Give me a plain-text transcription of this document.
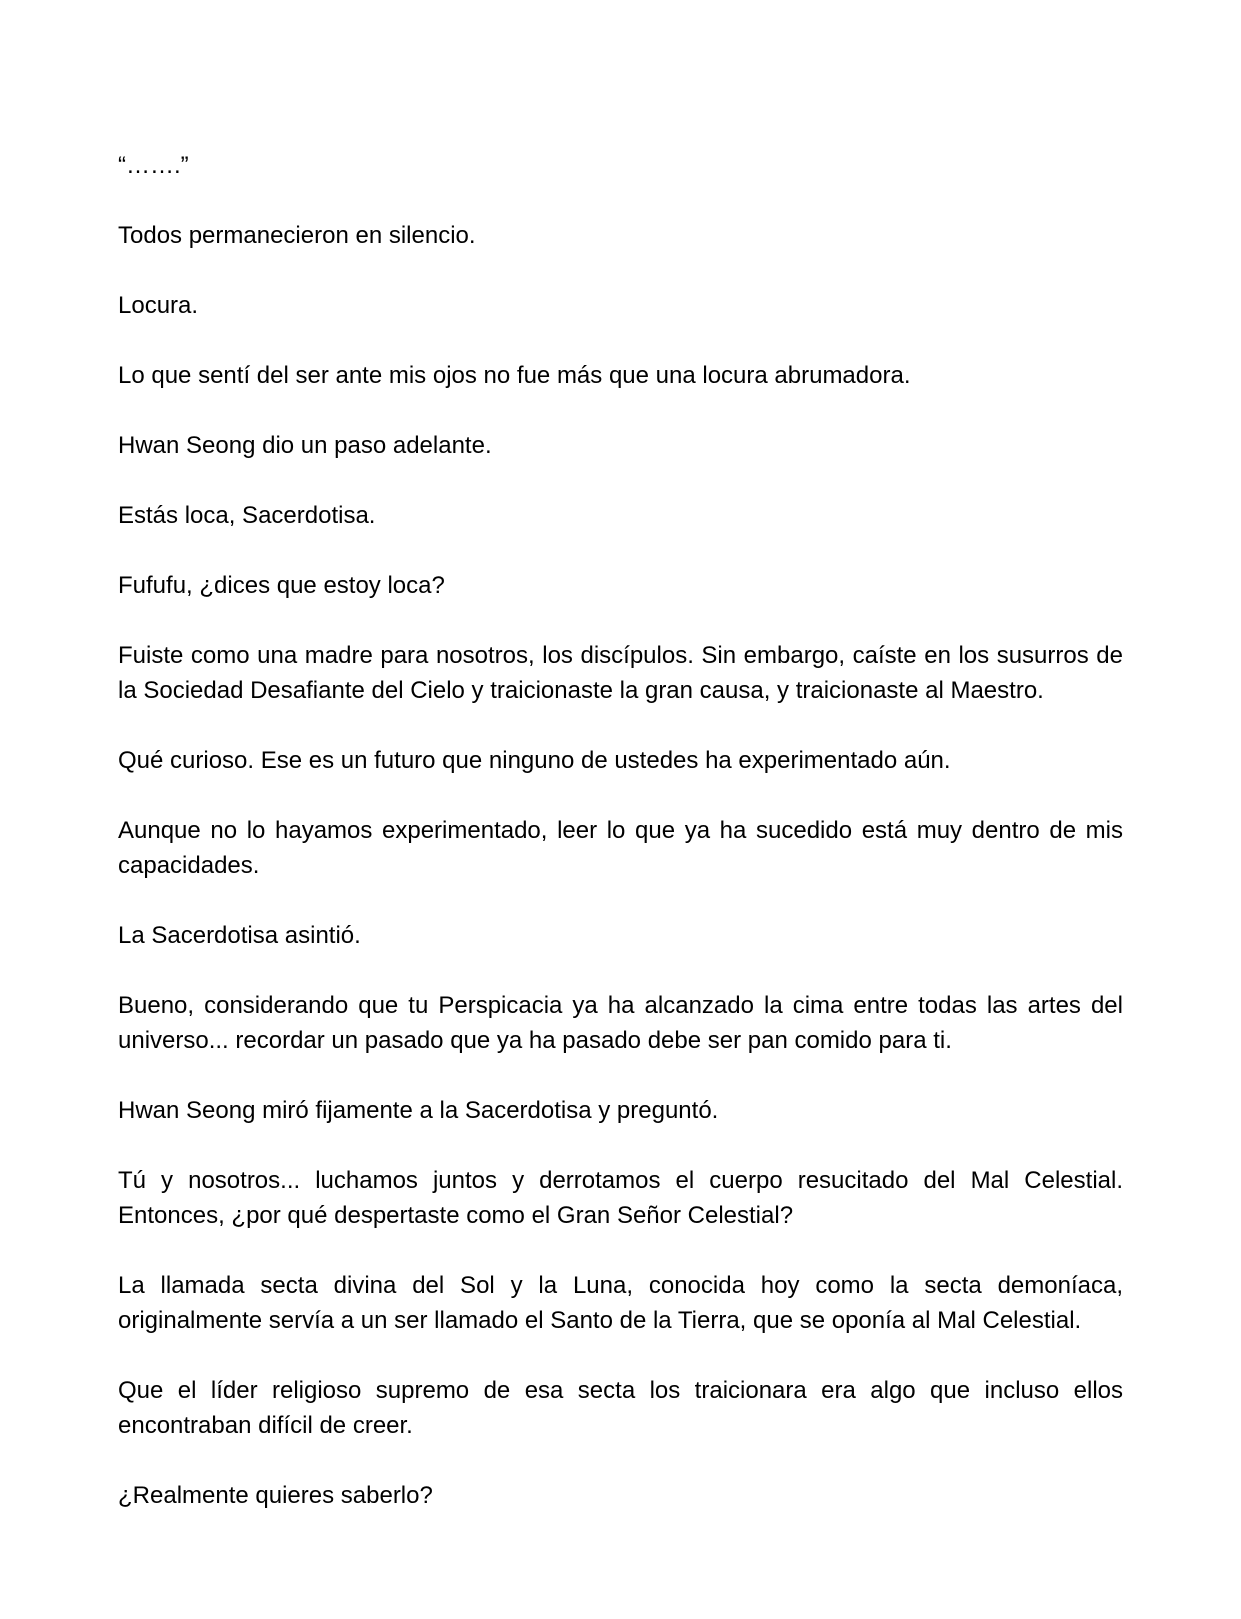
“…….”

Todos permanecieron en silencio.

Locura.

Lo que sentí del ser ante mis ojos no fue más que una locura abrumadora.

Hwan Seong dio un paso adelante.

Estás loca, Sacerdotisa.

Fufufu, ¿dices que estoy loca?

Fuiste como una madre para nosotros, los discípulos. Sin embargo, caíste en los susurros de la Sociedad Desafiante del Cielo y traicionaste la gran causa, y traicionaste al Maestro.

Qué curioso. Ese es un futuro que ninguno de ustedes ha experimentado aún.

Aunque no lo hayamos experimentado, leer lo que ya ha sucedido está muy dentro de mis capacidades.

La Sacerdotisa asintió.

Bueno, considerando que tu Perspicacia ya ha alcanzado la cima entre todas las artes del universo... recordar un pasado que ya ha pasado debe ser pan comido para ti.

Hwan Seong miró fijamente a la Sacerdotisa y preguntó.

Tú y nosotros... luchamos juntos y derrotamos el cuerpo resucitado del Mal Celestial. Entonces, ¿por qué despertaste como el Gran Señor Celestial?

La llamada secta divina del Sol y la Luna, conocida hoy como la secta demoníaca, originalmente servía a un ser llamado el Santo de la Tierra, que se oponía al Mal Celestial.

Que el líder religioso supremo de esa secta los traicionara era algo que incluso ellos encontraban difícil de creer.

¿Realmente quieres saberlo?
